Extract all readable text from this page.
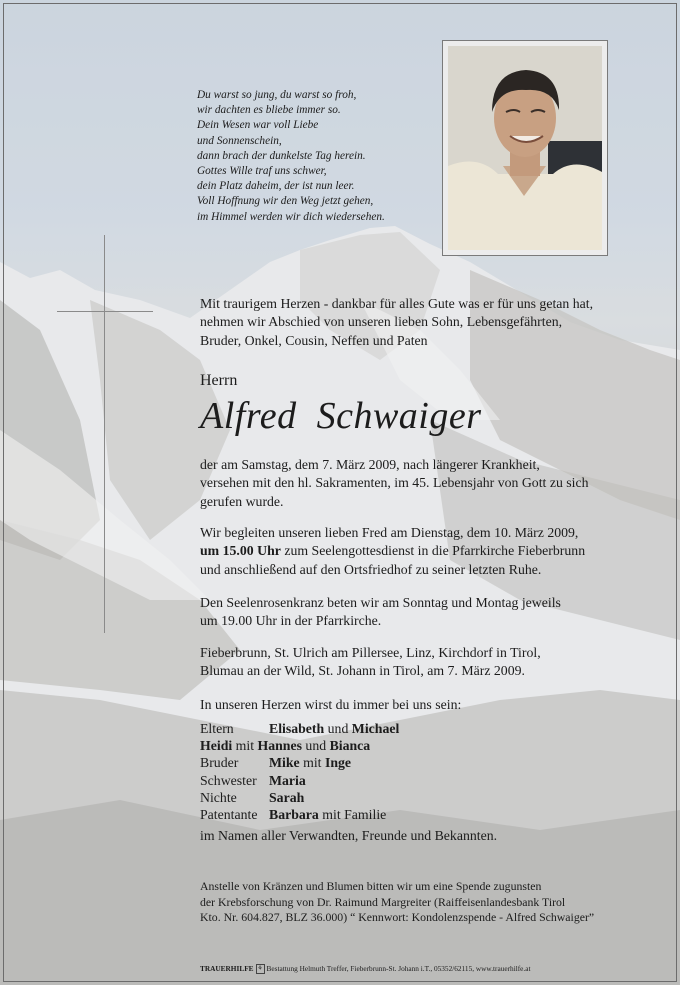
Du warst so jung, du warst so froh,
wir dachten es bliebe immer so.
Dein Wesen war voll Liebe
und Sonnenschein,
dann brach der dunkelste Tag herein.
Gottes Wille traf uns schwer,
dein Platz daheim, der ist nun leer.
Voll Hoffnung wir den Weg jetzt gehen,
im Himmel werden wir dich wiedersehen.
Mit traurigem Herzen - dankbar für alles Gute was er für uns getan hat,
nehmen wir Abschied von unseren lieben Sohn, Lebensgefährten,
Bruder, Onkel, Cousin, Neffen und Paten
Herrn
Alfred  Schwaiger
der am Samstag, dem 7. März 2009, nach längerer Krankheit,
versehen mit den hl. Sakramenten, im 45. Lebensjahr von Gott zu sich
gerufen wurde.
Wir begleiten unseren lieben Fred am Dienstag, dem 10. März 2009,
um 15.00 Uhr zum Seelengottesdienst in die Pfarrkirche Fieberbrunn
und anschließend auf den Ortsfriedhof zu seiner letzten Ruhe.
Den Seelenrosenkranz beten wir am Sonntag und Montag jeweils
um 19.00 Uhr in der Pfarrkirche.
Fieberbrunn, St. Ulrich am Pillersee, Linz, Kirchdorf in Tirol,
Blumau an der Wild, St. Johann in Tirol, am 7. März 2009.
In unseren Herzen wirst du immer bei uns sein:
Eltern	Elisabeth und Michael
Heidi mit Hannes und Bianca
Bruder Mike mit Inge
Schwester Maria
Nichte Sarah
Patentante Barbara mit Familie
im Namen aller Verwandten, Freunde und Bekannten.
Anstelle von Kränzen und Blumen bitten wir um eine Spende zugunsten
der Krebsforschung von Dr. Raimund Margreiter (Raiffeisenlandesbank Tirol
Kto. Nr. 604.827, BLZ 36.000) “ Kennwort: Kondolenzspende - Alfred Schwaiger”
TRAUERHILFE ⚘ Bestattung Helmuth Treffer, Fieberbrunn-St. Johann i.T., 05352/62115, www.trauerhilfe.at
